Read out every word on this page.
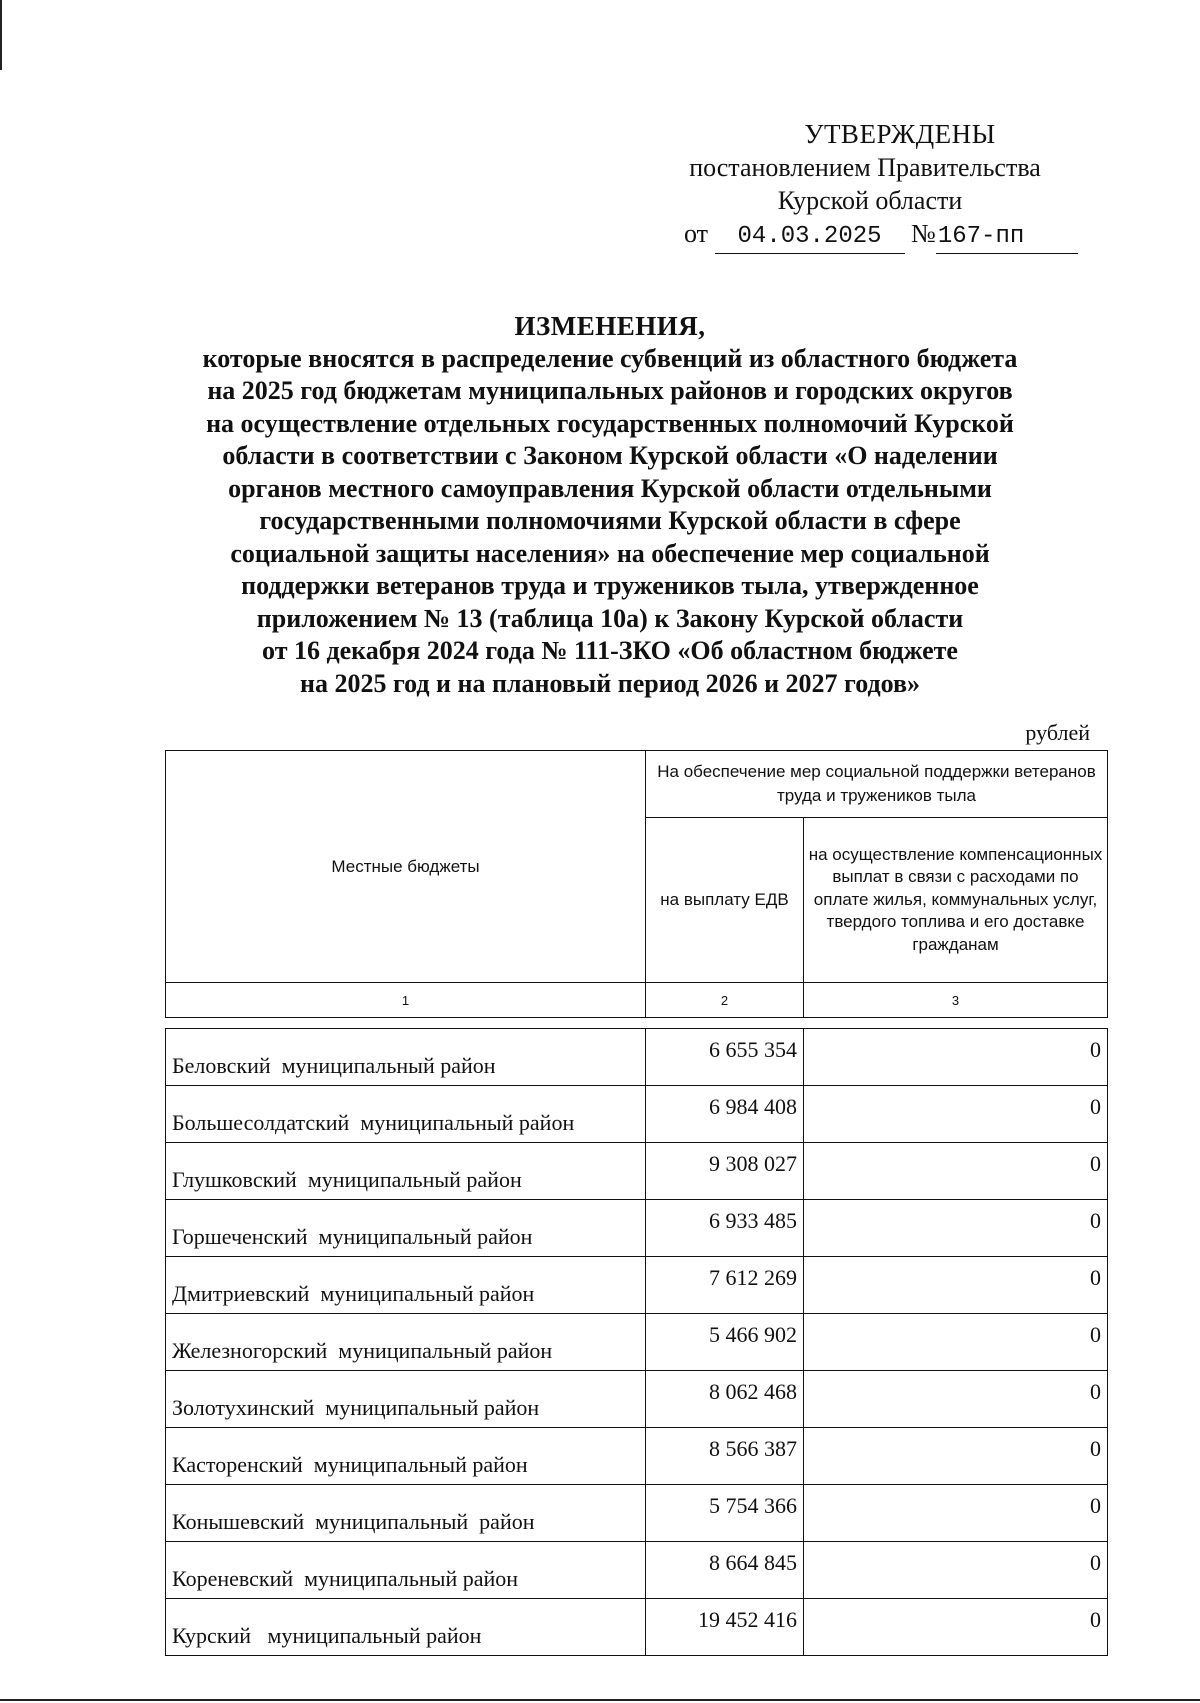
УТВЕРЖДЕНЫ
постановлением Правительства
Курской области
от 04.03.2025 №167-пп
ИЗМЕНЕНИЯ,
которые вносятся в распределение субвенций из областного бюджета
на 2025 год бюджетам муниципальных районов и городских округов
на осуществление отдельных государственных полномочий Курской
области в соответствии с Законом Курской области «О наделении
органов местного самоуправления Курской области отдельными
государственными полномочиями Курской области в сфере
социальной защиты населения» на обеспечение мер социальной
поддержки ветеранов труда и тружеников тыла, утвержденное
приложением № 13 (таблица 10а) к Закону Курской области
от 16 декабря 2024 года № 111-ЗКО «Об областном бюджете
на 2025 год и на плановый период 2026 и 2027 годов»
рублей
Местные бюджеты	На обеспечение мер социальной поддержки ветеранов труда и тружеников тыла	
	на выплату ЕДВ	на осуществление компенсационных выплат в связи с расходами по оплате жилья, коммунальных услуг, твердого топлива и его доставке гражданам
1	2	3

Беловский  муниципальный район	6 655 354	0
Большесолдатский  муниципальный район	6 984 408	0
Глушковский  муниципальный район	9 308 027	0
Горшеченский  муниципальный район	6 933 485	0
Дмитриевский  муниципальный район	7 612 269	0
Железногорский  муниципальный район	5 466 902	0
Золотухинский  муниципальный район	8 062 468	0
Касторенский  муниципальный район	8 566 387	0
Конышевский  муниципальный  район	5 754 366	0
Кореневский  муниципальный район	8 664 845	0
Курский   муниципальный район	19 452 416	0
